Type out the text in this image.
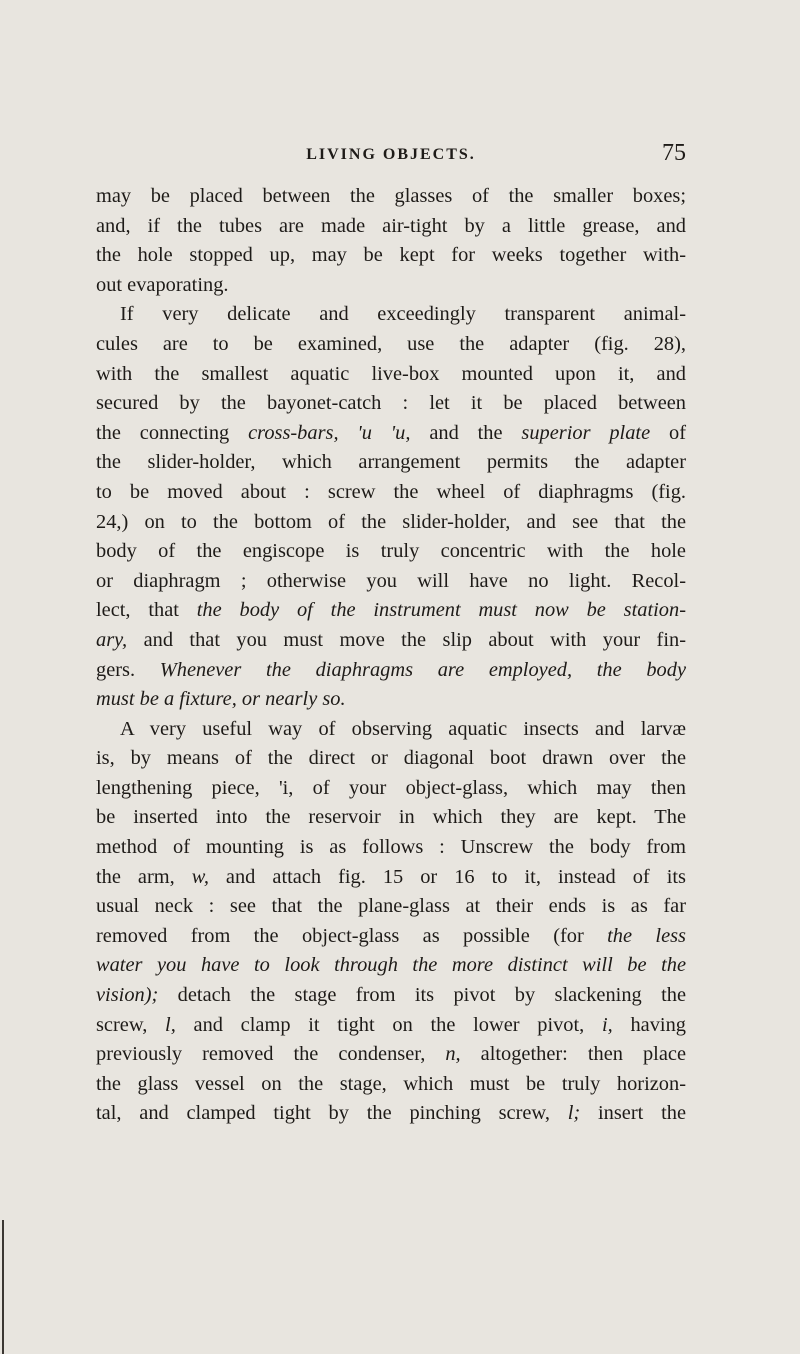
LIVING OBJECTS.	75
may be placed between the glasses of the smaller boxes;
and, if the tubes are made air-tight by a little grease, and
the hole stopped up, may be kept for weeks together with-
out evaporating.
If very delicate and exceedingly transparent animal-
cules are to be examined, use the adapter (fig. 28),
with the smallest aquatic live-box mounted upon it, and
secured by the bayonet-catch : let it be placed between
the connecting cross-bars, 'u 'u, and the superior plate of
the slider-holder, which arrangement permits the adapter
to be moved about : screw the wheel of diaphragms (fig.
24,) on to the bottom of the slider-holder, and see that the
body of the engiscope is truly concentric with the hole
or diaphragm ; otherwise you will have no light. Recol-
lect, that the body of the instrument must now be station-
ary, and that you must move the slip about with your fin-
gers. Whenever the diaphragms are employed, the body
must be a fixture, or nearly so.
A very useful way of observing aquatic insects and larvæ
is, by means of the direct or diagonal boot drawn over the
lengthening piece, 'i, of your object-glass, which may then
be inserted into the reservoir in which they are kept. The
method of mounting is as follows : Unscrew the body from
the arm, w, and attach fig. 15 or 16 to it, instead of its
usual neck : see that the plane-glass at their ends is as far
removed from the object-glass as possible (for the less
water you have to look through the more distinct will be the
vision); detach the stage from its pivot by slackening the
screw, l, and clamp it tight on the lower pivot, i, having
previously removed the condenser, n, altogether: then place
the glass vessel on the stage, which must be truly horizon-
tal, and clamped tight by the pinching screw, l; insert the
